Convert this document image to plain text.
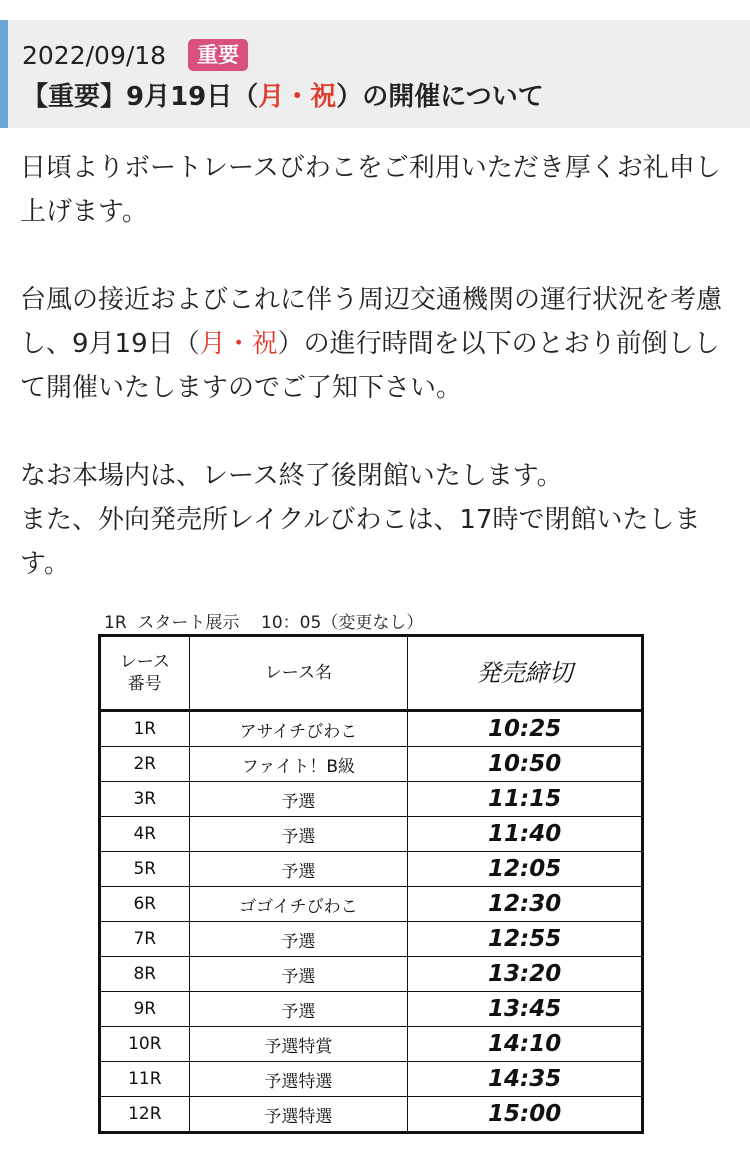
2022/09/18	重要
【重要】9月19日（月・祝）の開催について

日頃よりボートレースびわこをご利用いただき厚くお礼申し上げます。

台風の接近およびこれに伴う周辺交通機関の運行状況を考慮し、9月19日（月・祝）の進行時間を以下のとおり前倒しして開催いたしますのでご了知下さい。

なお本場内は、レース終了後閉館いたします。
また、外向発売所レイクルびわこは、17時で閉館いたします。

1R  スタート展示    10：05（変更なし）
レース
番号	レース名	発売締切
1R	アサイチびわこ	10:25
2R	ファイト！B級	10:50
3R	予選	11:15
4R	予選	11:40
5R	予選	12:05
6R	ゴゴイチびわこ	12:30
7R	予選	12:55
8R	予選	13:20
9R	予選	13:45
10R	予選特賞	14:10
11R	予選特選	14:35
12R	予選特選	15:00
